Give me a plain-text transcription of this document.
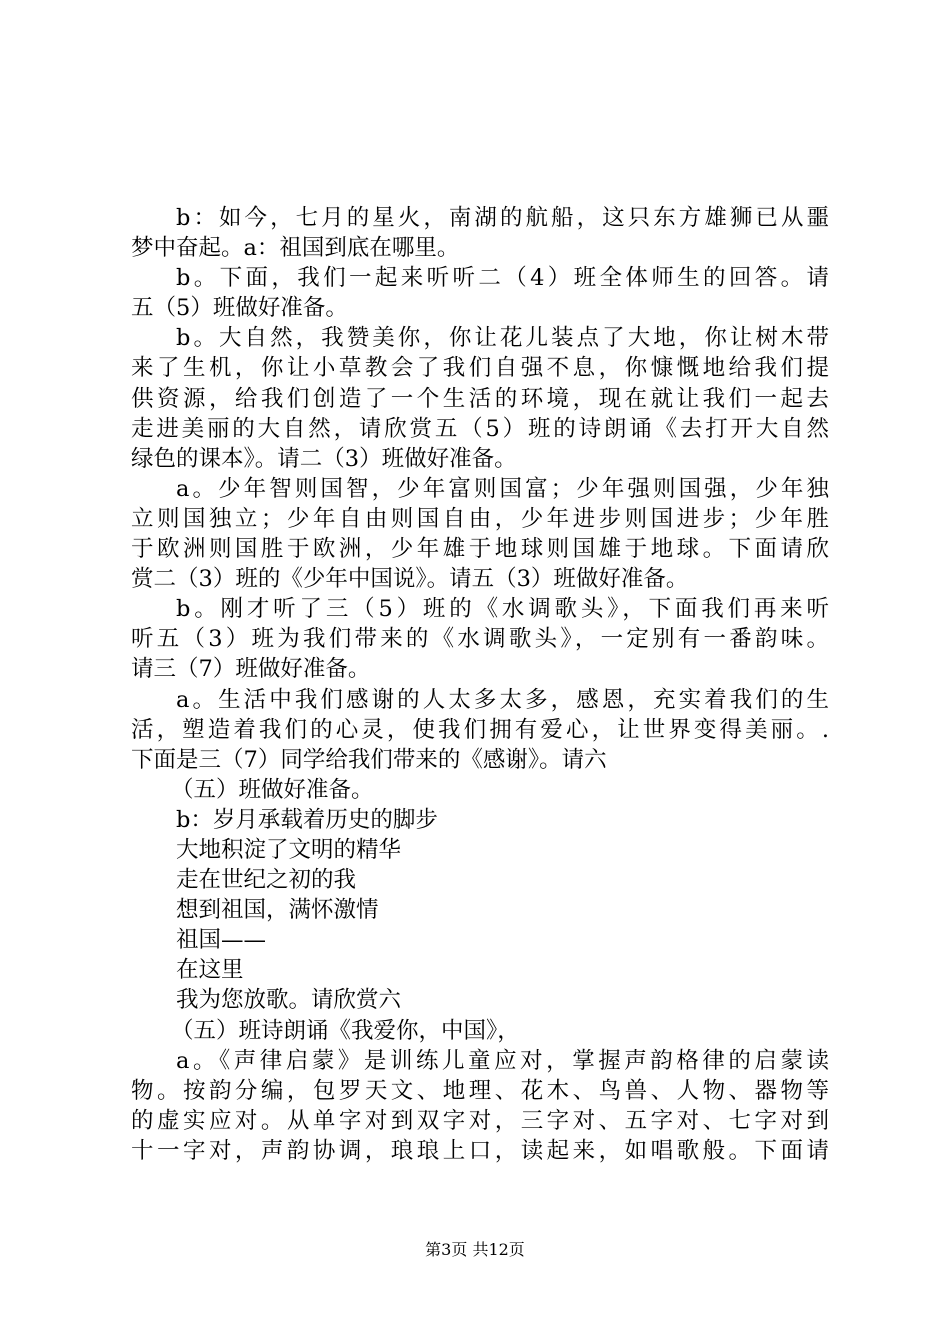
b：如今，七月的星火，南湖的航船，这只东方雄狮已从噩
梦中奋起。a：祖国到底在哪里。
b。下面，我们一起来听听二（4）班全体师生的回答。请
五（5）班做好准备。
b。大自然，我赞美你，你让花儿装点了大地，你让树木带
来了生机，你让小草教会了我们自强不息，你慷慨地给我们提
供资源，给我们创造了一个生活的环境，现在就让我们一起去
走进美丽的大自然，请欣赏五（5）班的诗朗诵《去打开大自然
绿色的课本》。请二（3）班做好准备。
a。少年智则国智，少年富则国富；少年强则国强，少年独
立则国独立；少年自由则国自由，少年进步则国进步；少年胜
于欧洲则国胜于欧洲，少年雄于地球则国雄于地球。下面请欣
赏二（3）班的《少年中国说》。请五（3）班做好准备。
b。刚才听了三（5）班的《水调歌头》，下面我们再来听
听五（3）班为我们带来的《水调歌头》，一定别有一番韵味。
请三（7）班做好准备。
a。生活中我们感谢的人太多太多，感恩，充实着我们的生
活，塑造着我们的心灵，使我们拥有爱心，让世界变得美丽。.
下面是三（7）同学给我们带来的《感谢》。请六
（五）班做好准备。
b：岁月承载着历史的脚步
大地积淀了文明的精华
走在世纪之初的我
想到祖国，满怀激情
祖国——
在这里
我为您放歌。请欣赏六
（五）班诗朗诵《我爱你，中国》，
a。《声律启蒙》是训练儿童应对，掌握声韵格律的启蒙读
物。按韵分编，包罗天文、地理、花木、鸟兽、人物、器物等
的虚实应对。从单字对到双字对，三字对、五字对、七字对到
十一字对，声韵协调，琅琅上口，读起来，如唱歌般。下面请
第3页 共12页
